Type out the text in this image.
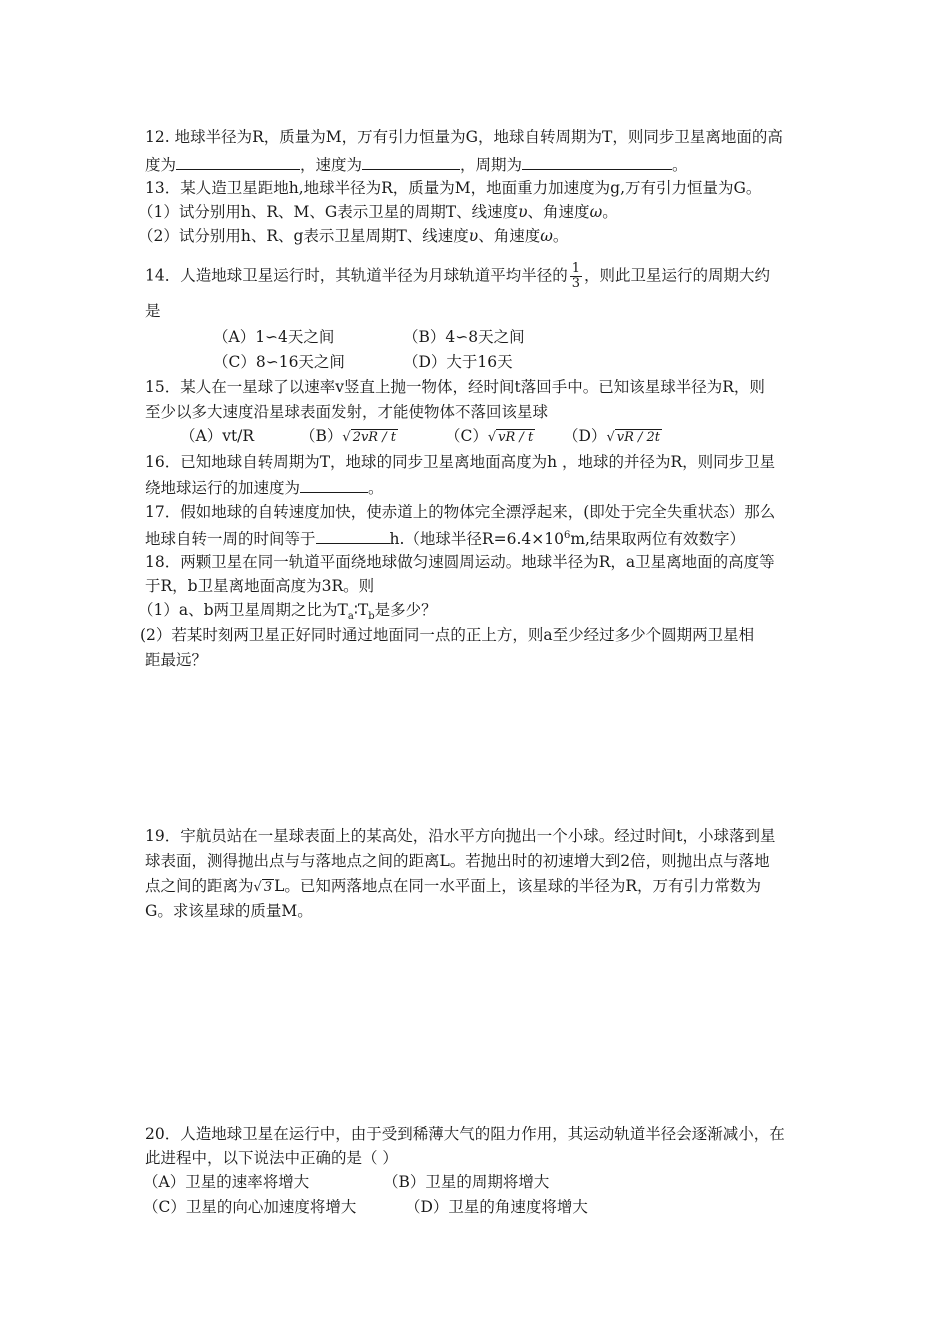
12. 地球半径为R，质量为M，万有引力恒量为G，地球自转周期为T，则同步卫星离地面的高
度为	，速度为	，周期为	。
13．某人造卫星距地h,地球半径为R，质量为M，地面重力加速度为g,万有引力恒量为G。
（1）试分别用h、R、M、G表示卫星的周期T、线速度υ、角速度ω。
（2）试分别用h、R、g表示卫星周期T、线速度υ、角速度ω。
14．人造地球卫星运行时，其轨道半径为月球轨道平均半径的 $\frac{1}{3}$ ，则此卫星运行的周期大约
是
（A）1∽4天之间	（B）4∽8天之间
（C）8∽16天之间	（D）大于16天
15．某人在一星球了以速率v竖直上抛一物体，经时间t落回手中。已知该星球半径为R，则
至少以多大速度沿星球表面发射，才能使物体不落回该星球
（A）vt/R	（B）√ 2vR / t	（C）√ vR / t （D）√ vR / 2t
16．已知地球自转周期为T，地球的同步卫星离地面高度为h ，地球的并径为R，则同步卫星
绕地球运行的加速度为	。
17．假如地球的自转速度加快，使赤道上的物体完全漂浮起来，(即处于完全失重状态）那么
地球自转一周的时间等于	h.（地球半径$R=6.4\times 10^6m$,结果取两位有效数字）
18．两颗卫星在同一轨道平面绕地球做匀速圆周运动。地球半径为R，a卫星离地面的高度等
于R，b卫星离地面高度为3R。则
（1）a、b两卫星周期之比为$T_a∶T_b$是多少？
(2）若某时刻两卫星正好同时通过地面同一点的正上方，则a至少经过多少个圆期两卫星相
距最远？
19．宇航员站在一星球表面上的某高处，沿水平方向抛出一个小球。经过时间t，小球落到星
球表面，测得抛出点与与落地点之间的距离L。若抛出时的初速增大到2倍，则抛出点与落地
点之间的距离为√ 3 L。已知两落地点在同一水平面上，该星球的半径为R，万有引力常数为
G。求该星球的质量M。
20．人造地球卫星在运行中，由于受到稀薄大气的阻力作用，其运动轨道半径会逐渐减小，在
此进程中，以下说法中正确的是（ ）
（A）卫星的速率将增大	（B）卫星的周期将增大
（C）卫星的向心加速度将增大	（D）卫星的角速度将增大
